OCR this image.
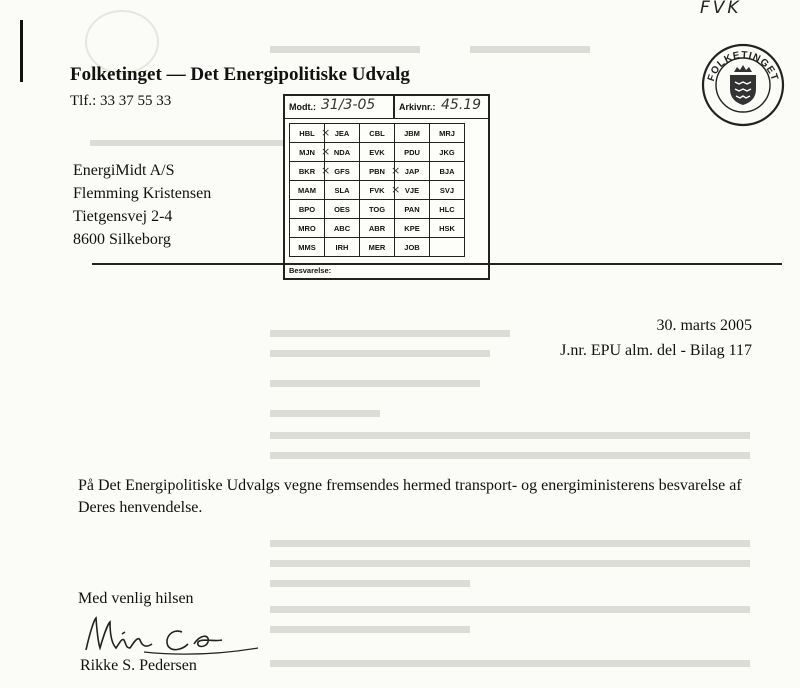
FVK
Folketinget — Det Energipolitiske Udvalg
Tlf.: 33 37 55 33
FOLKETINGET
EnergiMidt A/S
Flemming Kristensen
Tietgensvej 2-4
8600 Silkeborg
Modt.: 31/3-05	Arkivnr.: 45.19
HBL	× JEA	CBL	JBM	MRJ
MJN	× NDA	EVK	PDU	JKG
BKR	× GFS	PBN	× JAP	BJA
MAM	SLA	FVK	× VJE	SVJ
BPO	OES	TOG	PAN	HLC
MRO	ABC	ABR	KPE	HSK
MMS	IRH	MER	JOB	
Besvarelse:
30. marts 2005
J.nr. EPU alm. del - Bilag 117
På Det Energipolitiske Udvalgs vegne fremsendes hermed transport- og energiministerens besvarelse af Deres henvendelse.
Med venlig hilsen
Rikke S. Pedersen
